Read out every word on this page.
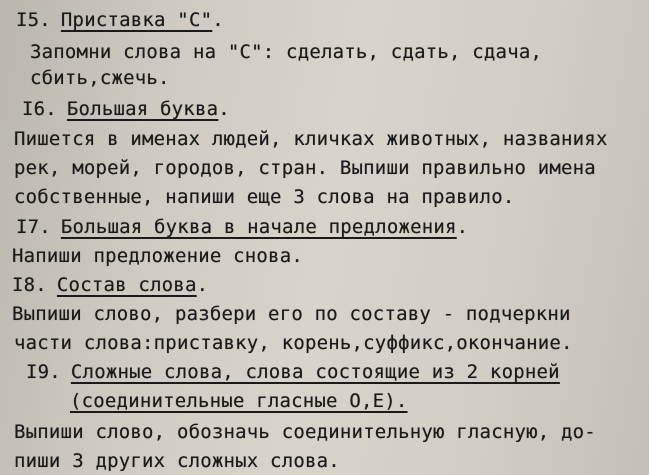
I5. Приставка "С".
Запомни слова на "С": сделать, сдать, сдача,
сбить,сжечь.
I6. Большая буква.
Пишется в именах людей, кличках животных, названиях
рек, морей, городов, стран. Выпиши правильно имена
собственные, напиши еще 3 слова на правило.
I7. Большая буква в начале предложения.
Напиши предложение снова.
I8. Состав слова.
Выпиши слово, разбери его по составу - подчеркни
части слова:приставку, корень,суффикс,окончание.
I9. Сложные слова, слова состоящие из 2 корней
(соединительные гласные О,Е).
Выпиши слово, обозначь соединительную гласную, до-
пиши 3 других сложных слова.
